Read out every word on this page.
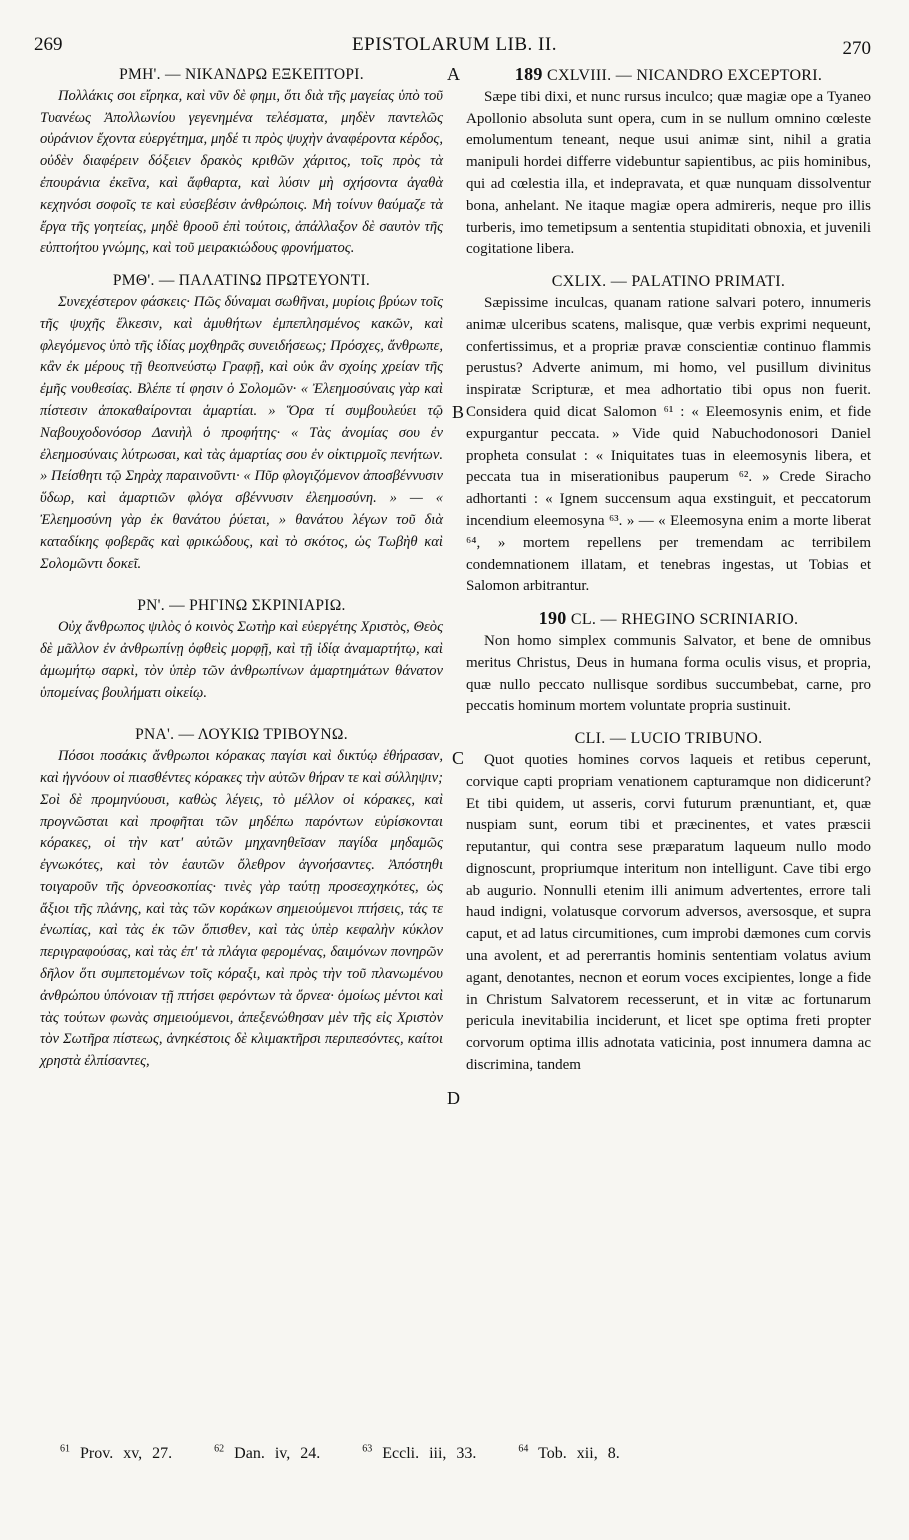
269	EPISTOLARUM LIB. II.	270
A
B
C
D
ΡΜΗ'. — ΝΙΚΑΝΔΡΩ ΕΞΚΕΠΤΟΡΙ.

Πολλάκις σοι εἴρηκα, καὶ νῦν δὲ φημι, ὅτι διὰ τῆς μαγείας ὑπὸ τοῦ Τυανέως Ἀπολλωνίου γεγενημένα τελέσματα, μηδὲν παντελῶς οὐράνιον ἔχοντα εὐεργέτημα, μηδέ τι πρὸς ψυχὴν ἀναφέροντα κέρδος, οὐδὲν διαφέρειν δόξειεν δρακὸς κριθῶν χάριτος, τοῖς πρὸς τὰ ἐπουράνια ἐκεῖνα, καὶ ἄφθαρτα, καὶ λύσιν μὴ σχήσοντα ἀγαθὰ κεχηνόσι σοφοῖς τε καὶ εὐσεβέσιν ἀνθρώποις. Μὴ τοίνυν θαύμαζε τὰ ἔργα τῆς γοητείας, μηδὲ θροοῦ ἐπὶ τούτοις, ἀπάλλαξον δὲ σαυτὸν τῆς εὐπτοήτου γνώμης, καὶ τοῦ μειρακιώδους φρονήματος.

ΡΜΘ'. — ΠΑΛΑΤΙΝΩ ΠΡΩΤΕΥΟΝΤΙ.

Συνεχέστερον φάσκεις· Πῶς δύναμαι σωθῆναι, μυρίοις βρύων τοῖς τῆς ψυχῆς ἕλκεσιν, καὶ ἀμυθήτων ἐμπεπλησμένος κακῶν, καὶ φλεγόμενος ὑπὸ τῆς ἰδίας μοχθηρᾶς συνειδήσεως; Πρόσχες, ἄνθρωπε, κἂν ἐκ μέρους τῇ θεοπνεύστῳ Γραφῇ, καὶ οὐκ ἂν σχοίης χρείαν τῆς ἐμῆς νουθεσίας. Βλέπε τί φησιν ὁ Σολομῶν· « Ἐλεημοσύναις γὰρ καὶ πίστεσιν ἀποκαθαίρονται ἁμαρτίαι. » Ὅρα τί συμβουλεύει τῷ Ναβουχοδονόσορ Δανιὴλ ὁ προφήτης· « Τὰς ἀνομίας σου ἐν ἐλεημοσύναις λύτρωσαι, καὶ τὰς ἁμαρτίας σου ἐν οἰκτιρμοῖς πενήτων. » Πείσθητι τῷ Σηρὰχ παραινοῦντι· « Πῦρ φλογιζόμενον ἀποσβέννυσιν ὕδωρ, καὶ ἁμαρτιῶν φλόγα σβέννυσιν ἐλεημοσύνη. » — « Ἐλεημοσύνη γὰρ ἐκ θανάτου ῥύεται, » θανάτου λέγων τοῦ διὰ καταδίκης φοβερᾶς καὶ φρικώδους, καὶ τὸ σκότος, ὡς Τωβὴθ καὶ Σολομῶντι δοκεῖ.

ΡΝ'. — ΡΗΓΙΝΩ ΣΚΡΙΝΙΑΡΙΩ.

Οὐχ ἄνθρωπος ψιλὸς ὁ κοινὸς Σωτὴρ καὶ εὐεργέτης Χριστὸς, Θεὸς δὲ μᾶλλον ἐν ἀνθρωπίνῃ ὀφθεὶς μορφῇ, καὶ τῇ ἰδίᾳ ἀναμαρτήτῳ, καὶ ἀμωμήτῳ σαρκὶ, τὸν ὑπὲρ τῶν ἀνθρωπίνων ἁμαρτημάτων θάνατον ὑπομείνας βουλήματι οἰκείῳ.

ΡΝΑ'. — ΛΟΥΚΙΩ ΤΡΙΒΟΥΝΩ.

Πόσοι ποσάκις ἄνθρωποι κόρακας παγίσι καὶ δικτύῳ ἐθήρασαν, καὶ ἠγνόουν οἱ πιασθέντες κόρακες τὴν αὐτῶν θήραν τε καὶ σύλληψιν; Σοὶ δὲ προμηνύουσι, καθὼς λέγεις, τὸ μέλλον οἱ κόρακες, καὶ προγνῶσται καὶ προφῆται τῶν μηδέπω παρόντων εὑρίσκονται κόρακες, οἱ τὴν κατ' αὐτῶν μηχανηθεῖσαν παγίδα μηδαμῶς ἐγνωκότες, καὶ τὸν ἑαυτῶν ὄλεθρον ἀγνοήσαντες. Ἀπόστηθι τοιγαροῦν τῆς ὀρνεοσκοπίας· τινὲς γὰρ ταύτῃ προσεσχηκότες, ὡς ἄξιοι τῆς πλάνης, καὶ τὰς τῶν κοράκων σημειούμενοι πτήσεις, τάς τε ἐνωπίας, καὶ τὰς ἐκ τῶν ὄπισθεν, καὶ τὰς ὑπὲρ κεφαλὴν κύκλον περιγραφούσας, καὶ τὰς ἐπ' τὰ πλάγια φερομένας, δαιμόνων πονηρῶν δῆλον ὅτι συμπετομένων τοῖς κόραξι, καὶ πρὸς τὴν τοῦ πλανωμένου ἀνθρώπου ὑπόνοιαν τῇ πτήσει φερόντων τὰ ὄρνεα· ὁμοίως μέντοι καὶ τὰς τούτων φωνὰς σημειούμενοι, ἀπεξενώθησαν μὲν τῆς εἰς Χριστὸν τὸν Σωτῆρα πίστεως, ἀνηκέστοις δὲ κλιμακτῆρσι περιπεσόντες, καίτοι χρηστὰ ἐλπίσαντες,

189 CXLVIII. — NICANDRO EXCEPTORI.

Sæpe tibi dixi, et nunc rursus inculco; quæ magiæ ope a Tyaneo Apollonio absoluta sunt opera, cum in se nullum omnino cœleste emolumentum teneant, neque usui animæ sint, nihil a gratia manipuli hordei differre videbuntur sapientibus, ac piis hominibus, qui ad cœlestia illa, et indepravata, et quæ nunquam dissolventur bona, anhelant. Ne itaque magiæ opera admireris, neque pro illis turberis, imo temetipsum a sententia stupiditati obnoxia, et juvenili cogitatione libera.

CXLIX. — PALATINO PRIMATI.

Sæpissime inculcas, quanam ratione salvari potero, innumeris animæ ulceribus scatens, malisque, quæ verbis exprimi nequeunt, confertissimus, et a propriæ pravæ conscientiæ continuo flammis perustus? Adverte animum, mi homo, vel pusillum divinitus inspiratæ Scripturæ, et mea adhortatio tibi opus non fuerit. Considera quid dicat Salomon ⁶¹ : « Eleemosynis enim, et fide expurgantur peccata. » Vide quid Nabuchodonosori Daniel propheta consulat : « Iniquitates tuas in eleemosynis libera, et peccata tua in miserationibus pauperum ⁶². » Crede Siracho adhortanti : « Ignem succensum aqua exstinguit, et peccatorum incendium eleemosyna ⁶³. » — « Eleemosyna enim a morte liberat ⁶⁴, » mortem repellens per tremendam ac terribilem condemnationem illatam, et tenebras ingestas, ut Tobias et Salomon arbitrantur.

190 CL. — RHEGINO SCRINIARIO.

Non homo simplex communis Salvator, et bene de omnibus meritus Christus, Deus in humana forma oculis visus, et propria, quæ nullo peccato nullisque sordibus succumbebat, carne, pro peccatis hominum mortem voluntate propria sustinuit.

CLI. — LUCIO TRIBUNO.

Quot quoties homines corvos laqueis et retibus ceperunt, corvique capti propriam venationem capturamque non didicerunt? Et tibi quidem, ut asseris, corvi futurum prænuntiant, et, quæ nuspiam sunt, eorum tibi et præcinentes, et vates præscii reputantur, qui contra sese præparatum laqueum nullo modo dignoscunt, propriumque interitum non intelligunt. Cave tibi ergo ab augurio. Nonnulli etenim illi animum advertentes, errore tali haud indigni, volatusque corvorum adversos, aversosque, et supra caput, et ad latus circumitiones, cum improbi dæmones cum corvis una avolent, et ad pererrantis hominis sententiam volatus avium agant, denotantes, necnon et eorum voces excipientes, longe a fide in Christum Salvatorem recesserunt, et in vitæ ac fortunarum pericula inevitabilia inciderunt, et licet spe optima freti propter corvorum optima illis adnotata vaticinia, post innumera damna ac discrimina, tandem

$^{61}$ Prov. xv, 27.	$^{62}$ Dan. iv, 24.	$^{63}$ Eccli. iii, 33.	$^{64}$ Tob. xii, 8.
